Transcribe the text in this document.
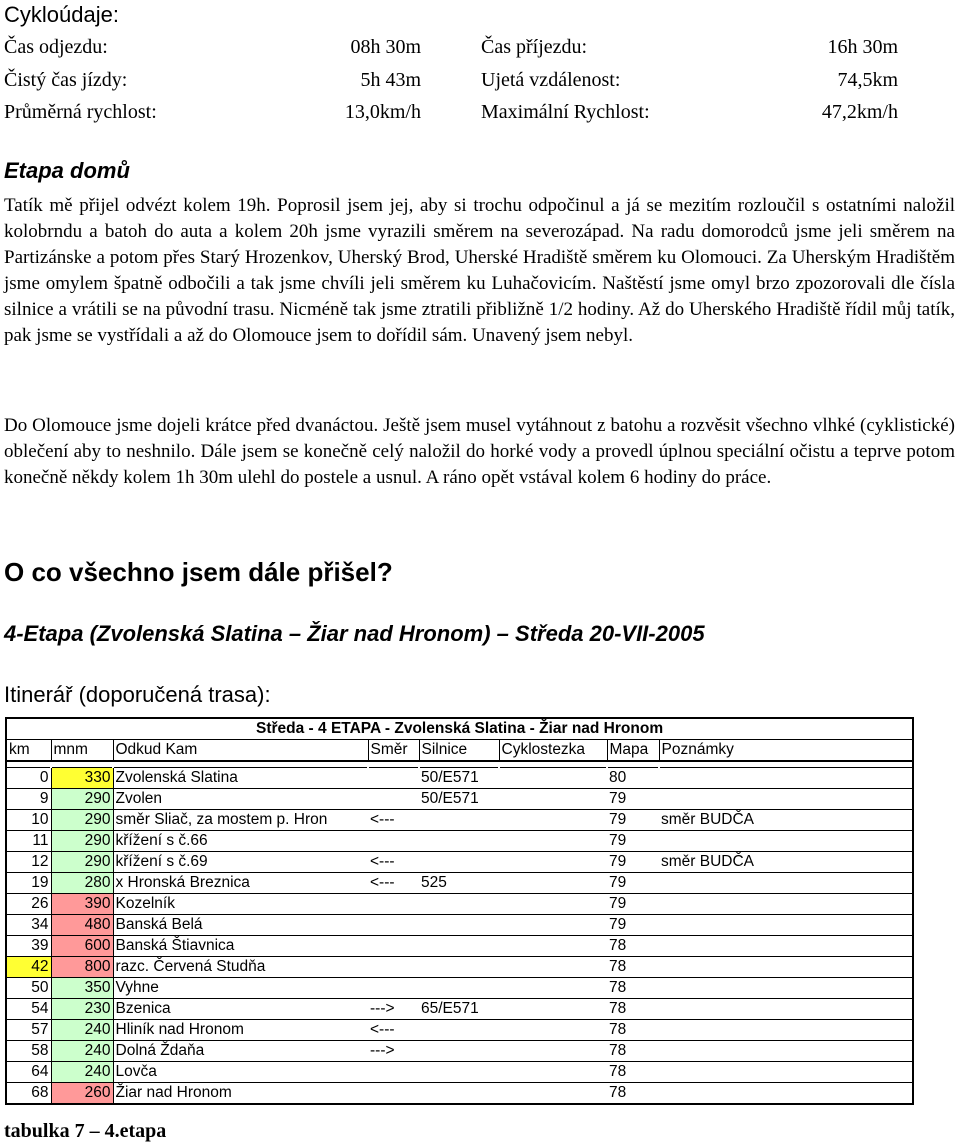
Cykloúdaje:
Čas odjezdu:	08h 30m	Čas příjezdu:	16h 30m
Čistý čas jízdy:	5h 43m	Ujetá vzdálenost:	74,5km
Průměrná rychlost:	13,0km/h	Maximální Rychlost:	47,2km/h
Etapa domů

Tatík mě přijel odvézt kolem 19h. Poprosil jsem jej, aby si trochu odpočinul a já se mezitím rozloučil s ostatními naložil kolobrndu a batoh do auta a kolem 20h jsme vyrazili směrem na severozápad. Na radu domorodců jsme jeli směrem na Partizánske a potom přes Starý Hrozenkov, Uherský Brod, Uherské Hradiště směrem ku Olomouci. Za Uherským Hradištěm jsme omylem špatně odbočili a tak jsme chvíli jeli směrem ku Luhačovicím. Naštěstí jsme omyl brzo zpozorovali dle čísla silnice a vrátili se na původní trasu. Nicméně tak jsme ztratili přibližně 1/2 hodiny. Až do Uherského Hradiště řídil můj tatík, pak jsme se vystřídali a až do Olomouce jsem to dořídil sám. Unavený jsem nebyl.

Do Olomouce jsme dojeli krátce před dvanáctou. Ještě jsem musel vytáhnout z batohu a rozvěsit všechno vlhké (cyklistické) oblečení aby to neshnilo. Dále jsem se konečně celý naložil do horké vody a provedl úplnou speciální očistu a teprve potom konečně někdy kolem 1h 30m ulehl do postele a usnul. A ráno opět vstával kolem 6 hodiny do práce.

O co všechno jsem dále přišel?
4-Etapa (Zvolenská Slatina – Žiar nad Hronom) – Středa 20-VII-2005
Itinerář (doporučená trasa):
Středa - 4 ETAPA - Zvolenská Slatina - Žiar nad Hronom							
km	mnm	Odkud Kam	Směr	Silnice	Cyklostezka	Mapa	Poznámky

0	330	Zvolenská Slatina		50/E571		80	
9	290	Zvolen		50/E571		79	
10	290	směr Sliač, za mostem p. Hron	<---			79	směr BUDČA
11	290	křížení s č.66				79	
12	290	křížení s č.69	<---			79	směr BUDČA
19	280	x Hronská Breznica	<---	525		79	
26	390	Kozelník				79	
34	480	Banská Belá				79	
39	600	Banská Štiavnica				78	
42	800	razc. Červená Studňa				78	
50	350	Vyhne				78	
54	230	Bzenica	--->	65/E571		78	
57	240	Hliník nad Hronom	<---			78	
58	240	Dolná Ždaňa	--->			78	
64	240	Lovča				78	
68	260	Žiar nad Hronom				78	
tabulka 7 – 4.etapa
